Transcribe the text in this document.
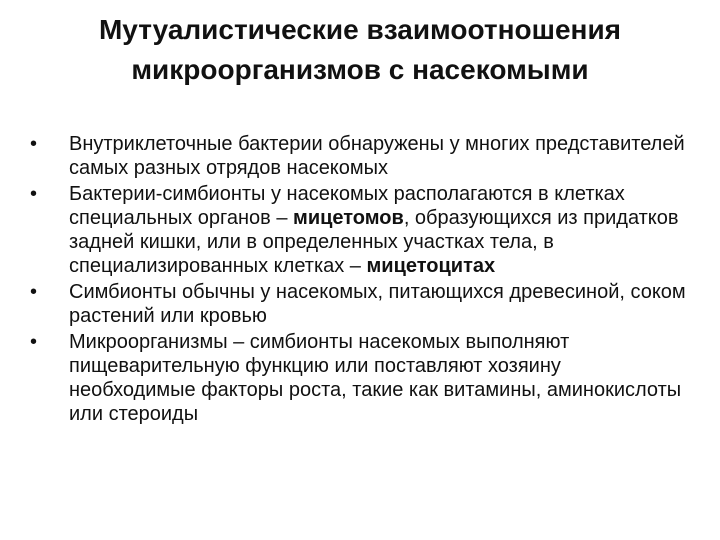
Мутуалистические взаимоотношения
микроорганизмов с насекомыми
•	Внутриклеточные бактерии обнаружены у многих представителей самых разных отрядов насекомых
•	Бактерии-симбионты у насекомых располагаются в клетках специальных органов – мицетомов, образующихся из придатков задней кишки, или в определенных участках тела, в специализированных клетках – мицетоцитах
•	Симбионты обычны у насекомых, питающихся древесиной, соком растений или кровью
•	Микроорганизмы – симбионты насекомых выполняют пищеварительную функцию или поставляют хозяину необходимые факторы роста, такие как витамины, аминокислоты или стероиды
